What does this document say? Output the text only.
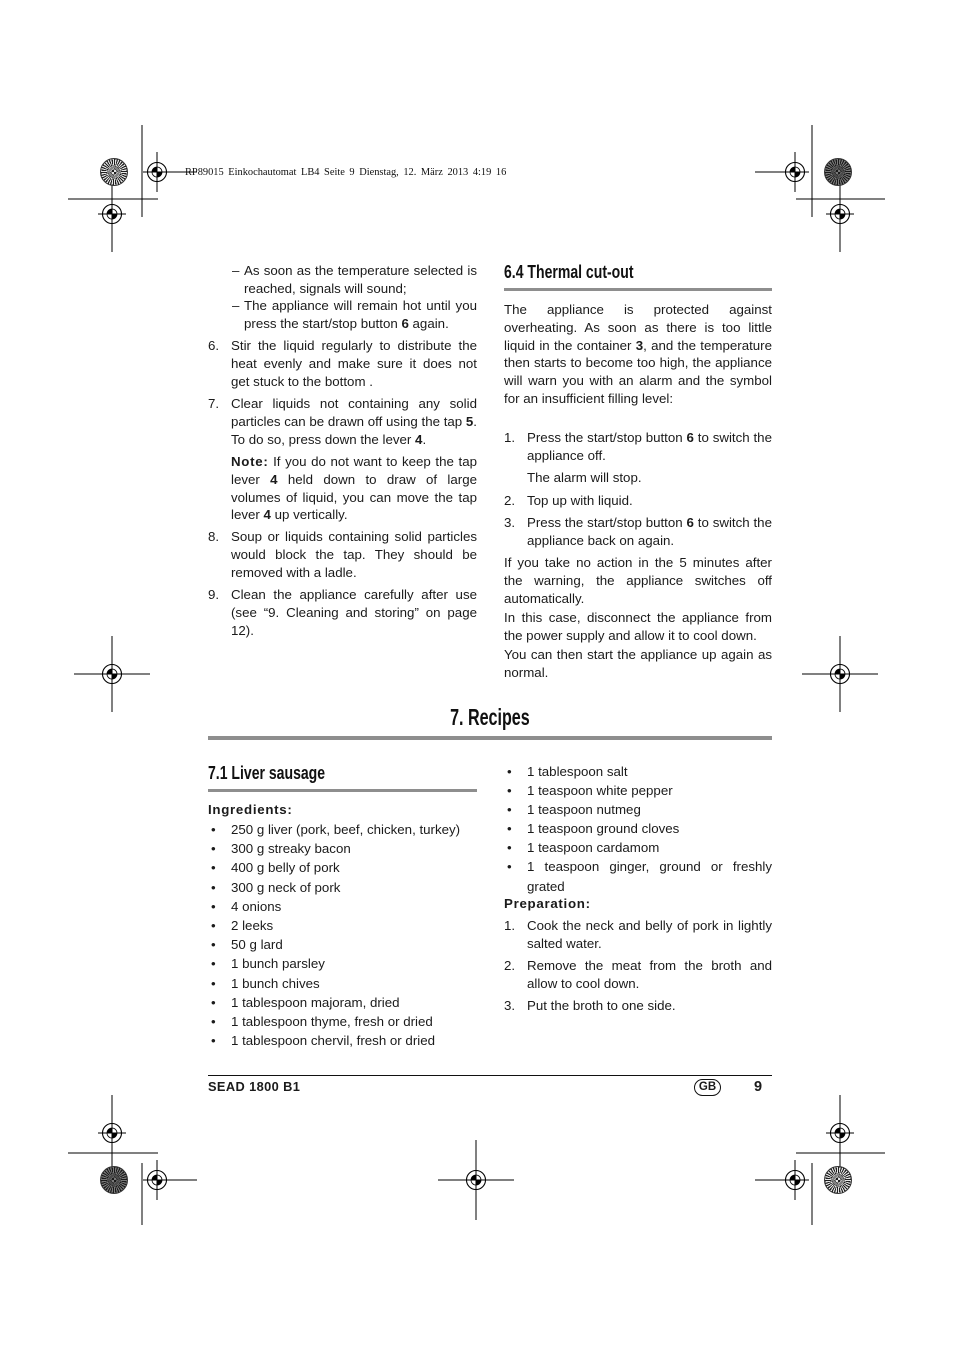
RP89015 Einkochautomat LB4 Seite 9 Dienstag, 12. März 2013 4:19 16
– As soon as the temperature selected is reached, signals will sound;
– The appliance will remain hot until you press the start/stop button 6 again.
6. Stir the liquid regularly to distribute the heat evenly and make sure it does not get stuck to the bottom .
7. Clear liquids not containing any solid particles can be drawn off using the tap 5. To do so, press down the lever 4.
Note: If you do not want to keep the tap lever 4 held down to draw of large volumes of liquid, you can move the tap lever 4 up vertically.
8. Soup or liquids containing solid particles would block the tap. They should be removed with a ladle.
9. Clean the appliance carefully after use (see “9. Cleaning and storing” on page 12).
6.4 Thermal cut-out
The appliance is protected against overheating. As soon as there is too little liquid in the container 3, and the temperature then starts to become too high, the appliance will warn you with an alarm and the symbol for an insufficient filling level:
1. Press the start/stop button 6 to switch the appliance off.
The alarm will stop.
2. Top up with liquid.
3. Press the start/stop button 6 to switch the appliance back on again.
If you take no action in the 5 minutes after the warning, the appliance switches off automatically.
In this case, disconnect the appliance from the power supply and allow it to cool down.
You can then start the appliance up again as normal.
7. Recipes
7.1 Liver sausage
Ingredients:
• 250 g liver (pork, beef, chicken, turkey)
• 300 g streaky bacon
• 400 g belly of pork
• 300 g neck of pork
• 4 onions
• 2 leeks
• 50 g lard
• 1 bunch parsley
• 1 bunch chives
• 1 tablespoon majoram, dried
• 1 tablespoon thyme, fresh or dried
• 1 tablespoon chervil, fresh or dried
• 1 tablespoon salt
• 1 teaspoon white pepper
• 1 teaspoon nutmeg
• 1 teaspoon ground cloves
• 1 teaspoon cardamom
• 1 teaspoon ginger, ground or freshly grated
Preparation:
1. Cook the neck and belly of pork in lightly salted water.
2. Remove the meat from the broth and allow to cool down.
3. Put the broth to one side.
SEAD 1800 B1	GB	9
